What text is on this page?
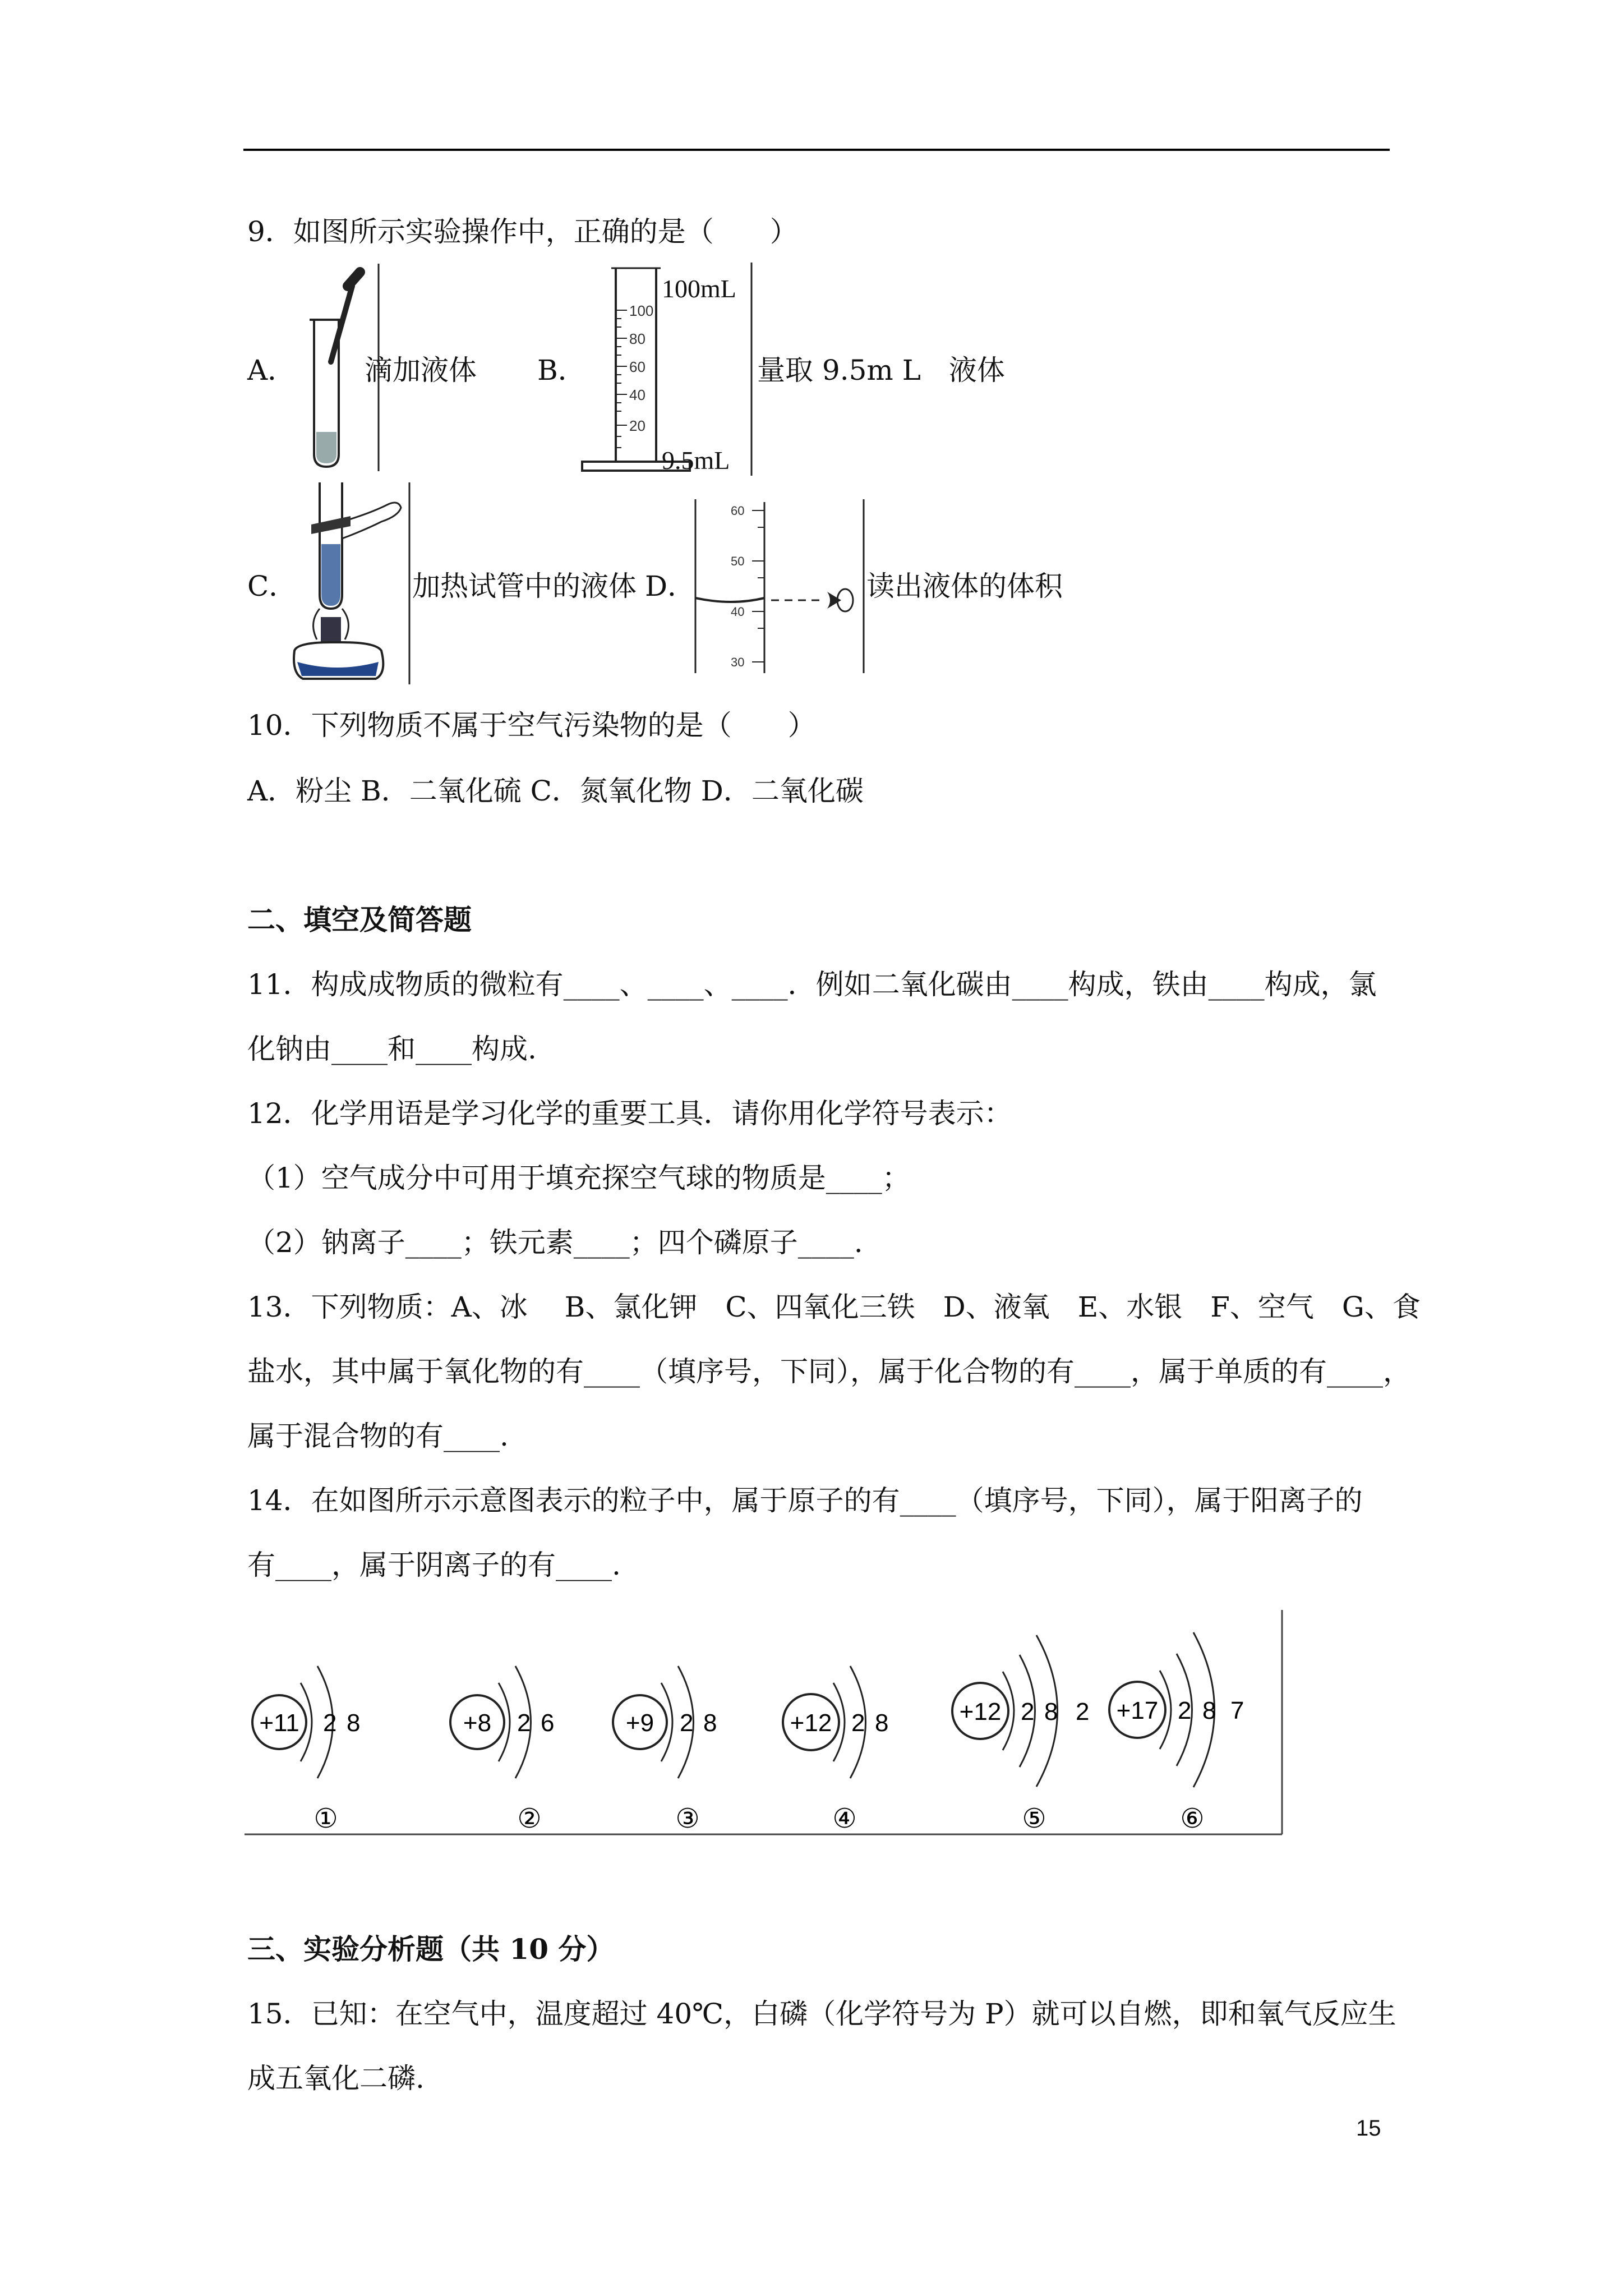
9．如图所示实验操作中，正确的是（　　）
A． 滴加液体 B．
100
80
60
40
20
100mL
9.5mL
量取 9.5m L　液体
C．	加热试管中的液体 D．
60
50
40
30
读出液体的体积
10．下列物质不属于空气污染物的是（　　）
A．粉尘 B．二氧化硫 C．氮氧化物 D．二氧化碳
二、填空及简答题
11．构成成物质的微粒有____、____、____．例如二氧化碳由____构成，铁由____构成，氯
化钠由____和____构成.
12．化学用语是学习化学的重要工具．请你用化学符号表示：
（1）空气成分中可用于填充探空气球的物质是____；
（2）钠离子____；铁元素____；四个磷原子____.
13．下列物质：A、冰　 B、氯化钾　C、四氧化三铁　D、液氧　E、水银　F、空气　G、食
盐水，其中属于氧化物的有____（填序号，下同），属于化合物的有____，属于单质的有____，
属于混合物的有____.
14．在如图所示示意图表示的粒子中，属于原子的有____（填序号，下同），属于阳离子的
有____，属于阴离子的有____.
+11 2 8
①
+8 2 6
②
+9 2 8
③
+12 2 8
④
+12 2 8 2
⑤
+17 2 8 7
⑥
三、实验分析题（共 10 分）
15．已知：在空气中，温度超过 40℃，白磷（化学符号为 P）就可以自燃，即和氧气反应生
成五氧化二磷.
15
